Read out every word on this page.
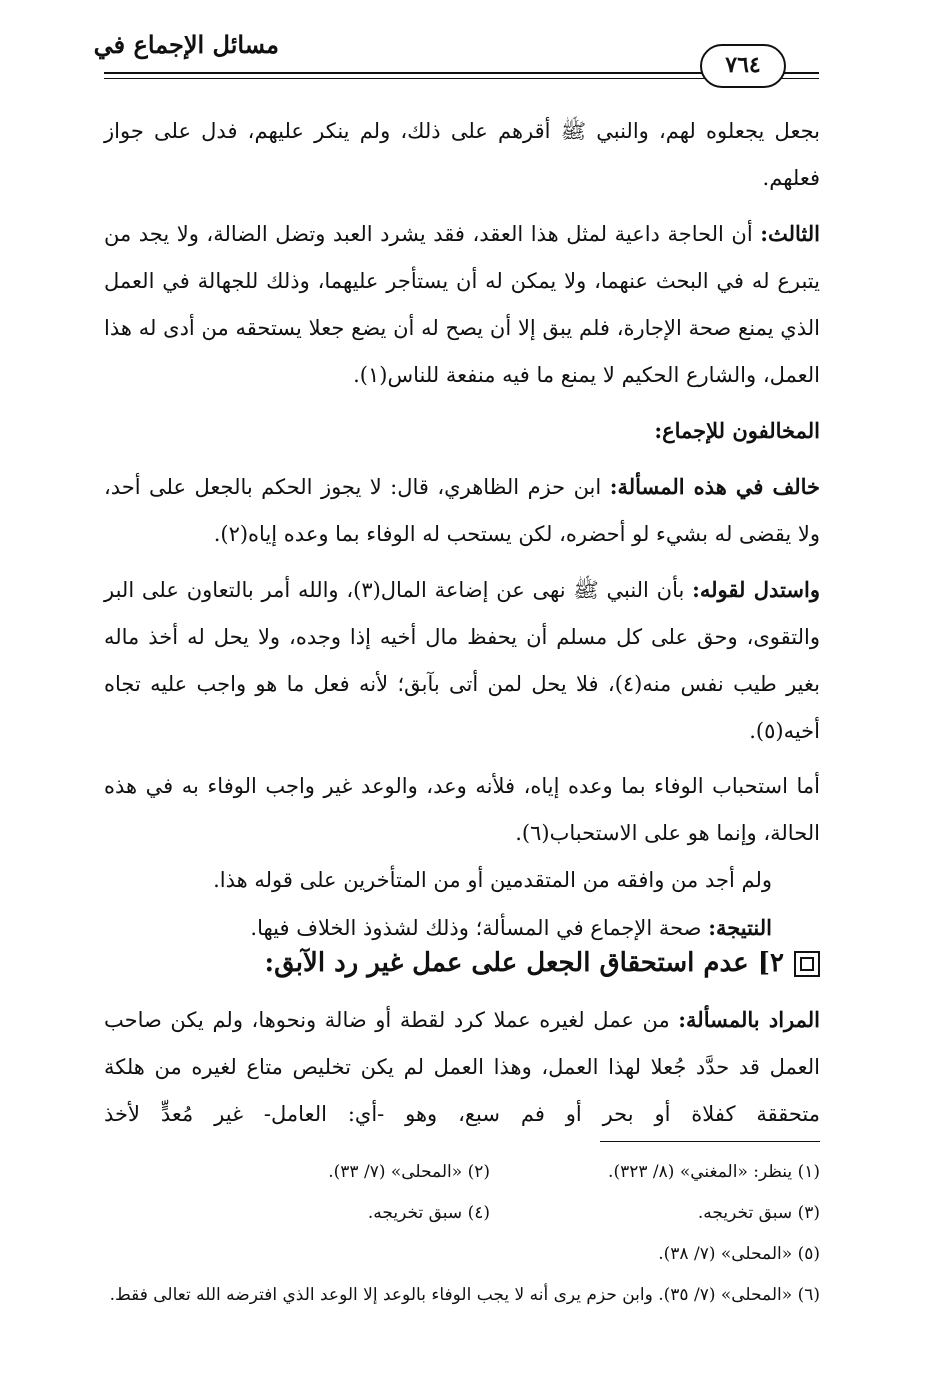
مسائل الإجماع في
٧٦٤

بجعل يجعلوه لهم، والنبي ﷺ أقرهم على ذلك، ولم ينكر عليهم، فدل على جواز فعلهم.

الثالث: أن الحاجة داعية لمثل هذا العقد، فقد يشرد العبد وتضل الضالة، ولا يجد من يتبرع له في البحث عنهما، ولا يمكن له أن يستأجر عليهما، وذلك للجهالة في العمل الذي يمنع صحة الإجارة، فلم يبق إلا أن يصح له أن يضع جعلا يستحقه من أدى له هذا العمل، والشارع الحكيم لا يمنع ما فيه منفعة للناس(١).

المخالفون للإجماع:

خالف في هذه المسألة: ابن حزم الظاهري، قال: لا يجوز الحكم بالجعل على أحد، ولا يقضى له بشيء لو أحضره، لكن يستحب له الوفاء بما وعده إياه(٢).

واستدل لقوله: بأن النبي ﷺ نهى عن إضاعة المال(٣)، والله أمر بالتعاون على البر والتقوى، وحق على كل مسلم أن يحفظ مال أخيه إذا وجده، ولا يحل له أخذ ماله بغير طيب نفس منه(٤)، فلا يحل لمن أتى بآبق؛ لأنه فعل ما هو واجب عليه تجاه أخيه(٥).

أما استحباب الوفاء بما وعده إياه، فلأنه وعد، والوعد غير واجب الوفاء به في هذه الحالة، وإنما هو على الاستحباب(٦).

ولم أجد من وافقه من المتقدمين أو من المتأخرين على قوله هذا.

النتيجة: صحة الإجماع في المسألة؛ وذلك لشذوذ الخلاف فيها.

٢] عدم استحقاق الجعل على عمل غير رد الآبق:

المراد بالمسألة: من عمل لغيره عملا كرد لقطة أو ضالة ونحوها، ولم يكن صاحب العمل قد حدَّد جُعلا لهذا العمل، وهذا العمل لم يكن تخليص متاع لغيره من هلكة متحققة كفلاة أو بحر أو فم سبع، وهو -أي: العامل- غير مُعدٍّ لأخذ

(١) ينظر: «المغني» (٨/ ٣٢٣).
(٢) «المحلى» (٧/ ٣٣).
(٣) سبق تخريجه.
(٤) سبق تخريجه.
(٥) «المحلى» (٧/ ٣٨).
(٦) «المحلى» (٧/ ٣٥). وابن حزم يرى أنه لا يجب الوفاء بالوعد إلا الوعد الذي افترضه الله تعالى فقط.
